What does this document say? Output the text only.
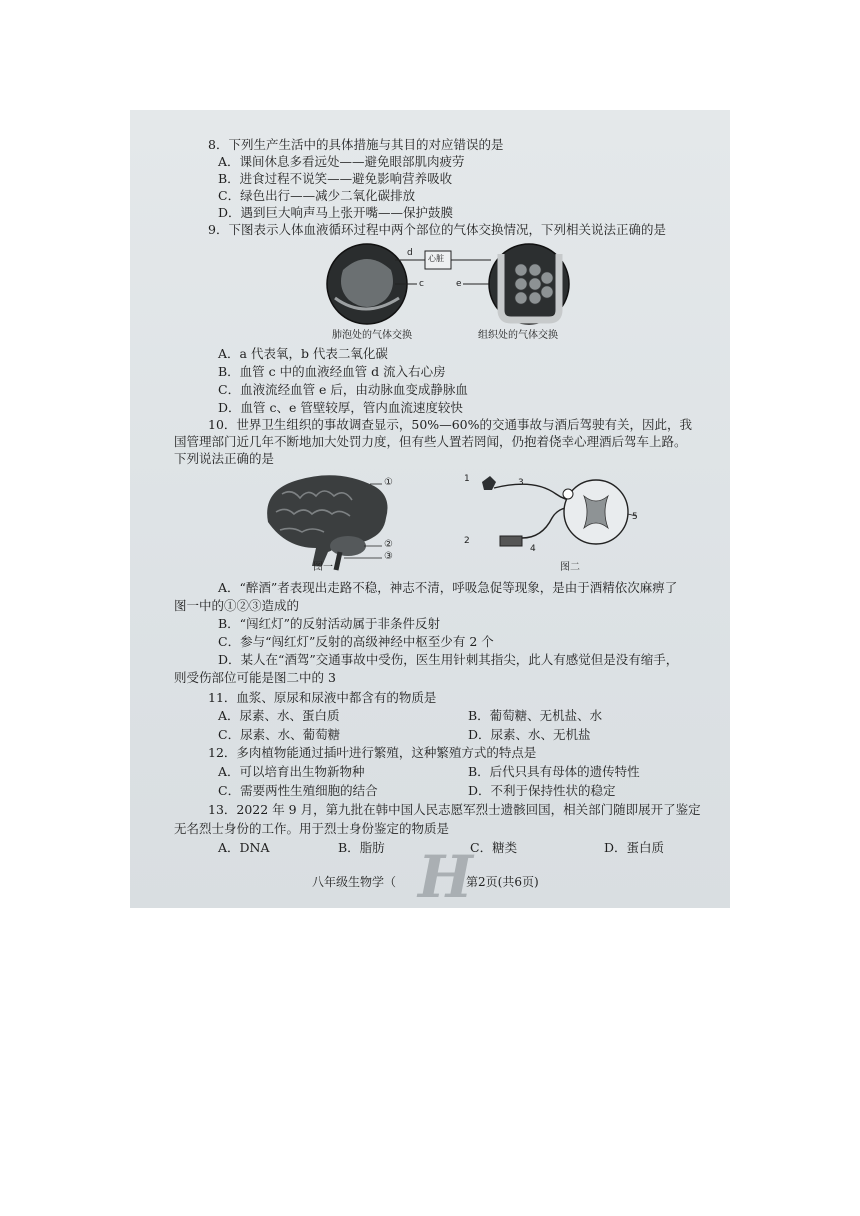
8．下列生产生活中的具体措施与其目的对应错误的是
A．课间休息多看远处——避免眼部肌肉疲劳
B．进食过程不说笑——避免影响营养吸收
C．绿色出行——减少二氧化碳排放
D．遇到巨大响声马上张开嘴——保护鼓膜
9．下图表示人体血液循环过程中两个部位的气体交换情况，下列相关说法正确的是
d
心脏
c	e
肺泡处的气体交换	组织处的气体交换
A．a 代表氧，b 代表二氧化碳
B．血管 c 中的血液经血管 d 流入右心房
C．血液流经血管 e 后，由动脉血变成静脉血
D．血管 c、e 管壁较厚，管内血流速度较快
10．世界卫生组织的事故调查显示，50%—60%的交通事故与酒后驾驶有关，因此，我
国管理部门近几年不断地加大处罚力度，但有些人置若罔闻，仍抱着侥幸心理酒后驾车上路。
下列说法正确的是
①
②
③
图一
1	3
2
4
5
图二
A．“醉酒”者表现出走路不稳，神志不清，呼吸急促等现象，是由于酒精依次麻痹了
图一中的①②③造成的
B．“闯红灯”的反射活动属于非条件反射
C．参与“闯红灯”反射的高级神经中枢至少有 2 个
D．某人在“酒驾”交通事故中受伤，医生用针刺其指尖，此人有感觉但是没有缩手，
则受伤部位可能是图二中的 3
11．血浆、原尿和尿液中都含有的物质是
A．尿素、水、蛋白质	B．葡萄糖、无机盐、水
C．尿素、水、葡萄糖	D．尿素、水、无机盐
12．多肉植物能通过插叶进行繁殖，这种繁殖方式的特点是
A．可以培育出生物新物种	B．后代只具有母体的遗传特性
C．需要两性生殖细胞的结合	D．不利于保持性状的稳定
13．2022 年 9 月，第九批在韩中国人民志愿军烈士遗骸回国，相关部门随即展开了鉴定
无名烈士身份的工作。用于烈士身份鉴定的物质是
A．DNA	B．脂肪	C．糖类	D．蛋白质
八年级生物学（ H
第2页(共6页)
